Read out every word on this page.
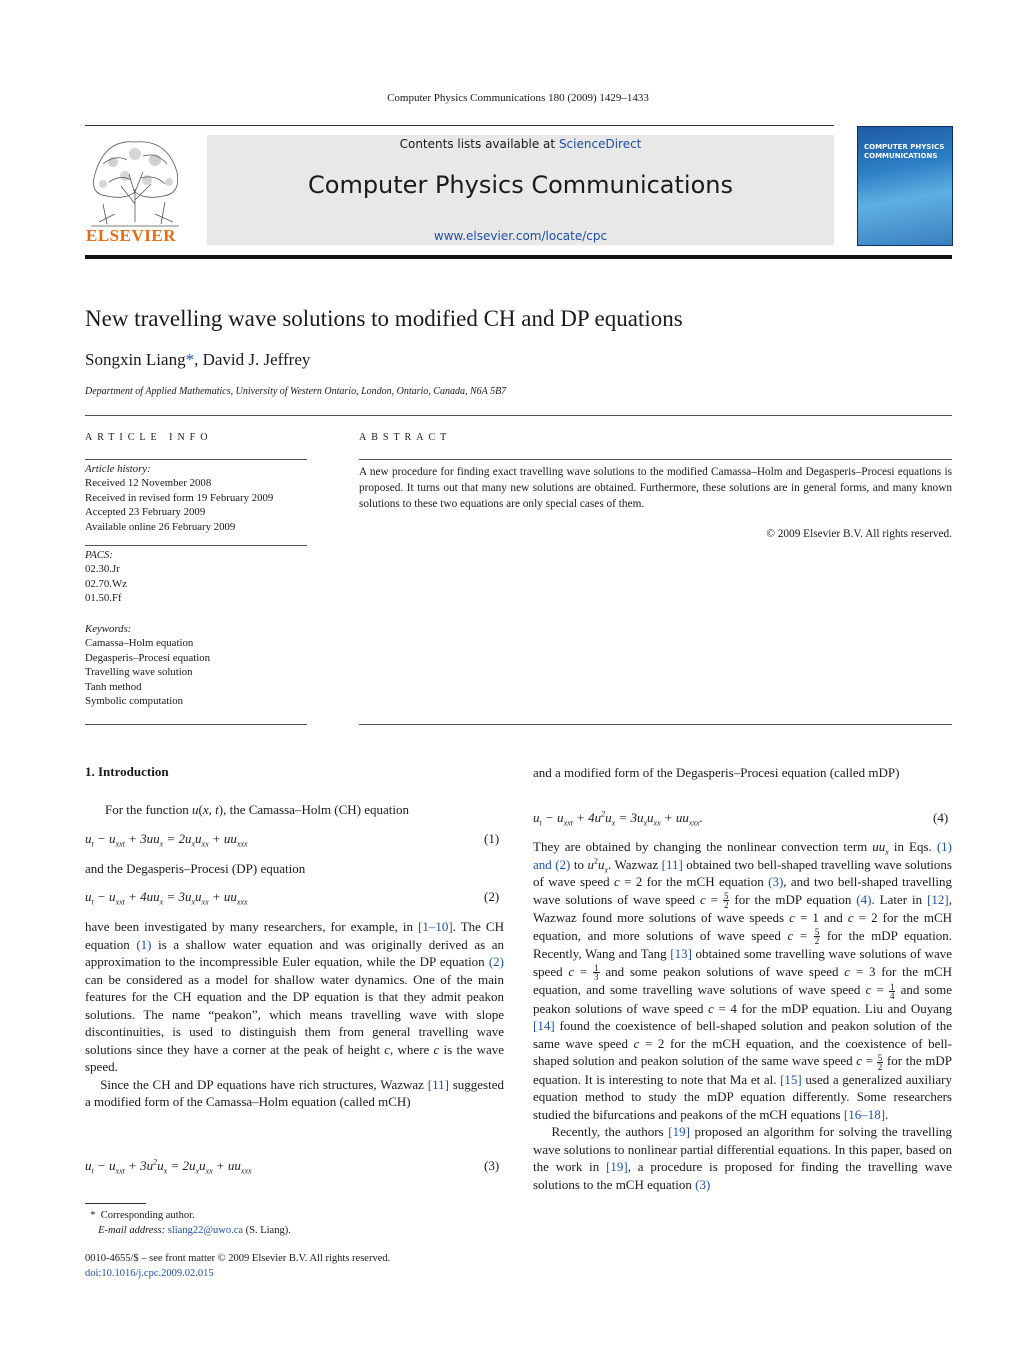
Computer Physics Communications 180 (2009) 1429–1433
ELSEVIER
Contents lists available at ScienceDirect
Computer Physics Communications
www.elsevier.com/locate/cpc
COMPUTER PHYSICS
COMMUNICATIONS
New travelling wave solutions to modified CH and DP equations
Songxin Liang*, David J. Jeffrey
Department of Applied Mathematics, University of Western Ontario, London, Ontario, Canada, N6A 5B7
ARTICLE INFO
Article history:
Received 12 November 2008
Received in revised form 19 February 2009
Accepted 23 February 2009
Available online 26 February 2009
PACS:
02.30.Jr
02.70.Wz
01.50.Ff
Keywords:
Camassa–Holm equation
Degasperis–Procesi equation
Travelling wave solution
Tanh method
Symbolic computation
ABSTRACT
A new procedure for finding exact travelling wave solutions to the modified Camassa–Holm and Degasperis–Procesi equations is proposed. It turns out that many new solutions are obtained. Furthermore, these solutions are in general forms, and many known solutions to these two equations are only special cases of them.
© 2009 Elsevier B.V. All rights reserved.
1. Introduction
For the function u(x, t), the Camassa–Holm (CH) equation
$u_t - u_{xxt} + 3uu_x = 2u_xu_{xx} + uu_{xxx}$	(1)
and the Degasperis–Procesi (DP) equation
$u_t - u_{xxt} + 4uu_x = 3u_xu_{xx} + uu_{xxx}$	(2)
have been investigated by many researchers, for example, in [1–10]. The CH equation (1) is a shallow water equation and was originally derived as an approximation to the incompressible Euler equation, while the DP equation (2) can be considered as a model for shallow water dynamics. One of the main features for the CH equation and the DP equation is that they admit peakon solutions. The name “peakon”, which means travelling wave with slope discontinuities, is used to distinguish them from general travelling wave solutions since they have a corner at the peak of height c, where c is the wave speed.
Since the CH and DP equations have rich structures, Wazwaz [11] suggested a modified form of the Camassa–Holm equation (called mCH)
$u_t - u_{xxt} + 3u^2u_x = 2u_xu_{xx} + uu_{xxx}$	(3)
and a modified form of the Degasperis–Procesi equation (called mDP)
$u_t - u_{xxt} + 4u^2u_x = 3u_xu_{xx} + uu_{xxx}$.	(4)
They are obtained by changing the nonlinear convection term $uu_x$ in Eqs. (1) and (2) to $u^2u_x$. Wazwaz [11] obtained two bell-shaped travelling wave solutions of wave speed c = 2 for the mCH equation (3), and two bell-shaped travelling wave solutions of wave speed $c = \frac{5}{2}$ for the mDP equation (4). Later in [12], Wazwaz found more solutions of wave speeds c = 1 and c = 2 for the mCH equation, and more solutions of wave speed $c = \frac{5}{2}$ for the mDP equation. Recently, Wang and Tang [13] obtained some travelling wave solutions of wave speed $c = \frac{1}{3}$ and some peakon solutions of wave speed c = 3 for the mCH equation, and some travelling wave solutions of wave speed $c = \frac{1}{4}$ and some peakon solutions of wave speed c = 4 for the mDP equation. Liu and Ouyang [14] found the coexistence of bell-shaped solution and peakon solution of the same wave speed c = 2 for the mCH equation, and the coexistence of bell-shaped solution and peakon solution of the same wave speed $c = \frac{5}{2}$ for the mDP equation. It is interesting to note that Ma et al. [15] used a generalized auxiliary equation method to study the mDP equation differently. Some researchers studied the bifurcations and peakons of the mCH equations [16–18].
Recently, the authors [19] proposed an algorithm for solving the travelling wave solutions to nonlinear partial differential equations. In this paper, based on the work in [19], a procedure is proposed for finding the travelling wave solutions to the mCH equation (3)
* Corresponding author.
E-mail address: sliang22@uwo.ca (S. Liang).
0010-4655/$ – see front matter © 2009 Elsevier B.V. All rights reserved.
doi:10.1016/j.cpc.2009.02.015
